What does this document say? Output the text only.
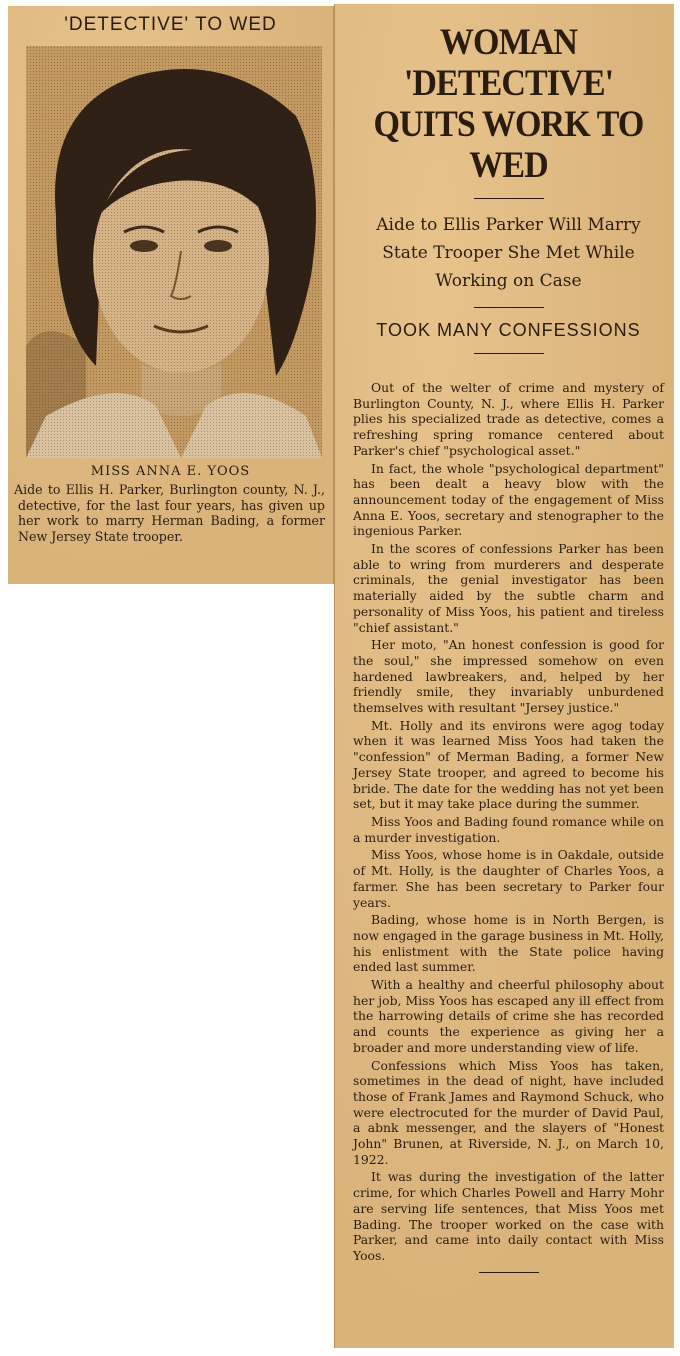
'DETECTIVE' TO WED
MISS ANNA E. YOOS
Aide to Ellis H. Parker, Burlington county, N. J., detective, for the last four years, has given up her work to marry Herman Bading, a former New Jersey State trooper.
WOMAN 'DETECTIVE' QUITS WORK TO WED
Aide to Ellis Parker Will Marry State Trooper She Met While Working on Case
TOOK MANY CONFESSIONS

Out of the welter of crime and mystery of Burlington County, N. J., where Ellis H. Parker plies his specialized trade as detective, comes a refreshing spring romance centered about Parker's chief "psychological asset."

In fact, the whole "psychological department" has been dealt a heavy blow with the announcement today of the engagement of Miss Anna E. Yoos, secretary and stenographer to the ingenious Parker.

In the scores of confessions Parker has been able to wring from murderers and desperate criminals, the genial investigator has been materially aided by the subtle charm and personality of Miss Yoos, his patient and tireless "chief assistant."

Her moto, "An honest confession is good for the soul," she impressed somehow on even hardened lawbreakers, and, helped by her friendly smile, they invariably unburdened themselves with resultant "Jersey justice."

Mt. Holly and its environs were agog today when it was learned Miss Yoos had taken the "confession" of Merman Bading, a former New Jersey State trooper, and agreed to become his bride. The date for the wedding has not yet been set, but it may take place during the summer.

Miss Yoos and Bading found romance while on a murder investigation.

Miss Yoos, whose home is in Oakdale, outside of Mt. Holly, is the daughter of Charles Yoos, a farmer. She has been secretary to Parker four years.

Bading, whose home is in North Bergen, is now engaged in the garage business in Mt. Holly, his enlistment with the State police having ended last summer.

With a healthy and cheerful philosophy about her job, Miss Yoos has escaped any ill effect from the harrowing details of crime she has recorded and counts the experience as giving her a broader and more understanding view of life.

Confessions which Miss Yoos has taken, sometimes in the dead of night, have included those of Frank James and Raymond Schuck, who were electrocuted for the murder of David Paul, a abnk messenger, and the slayers of "Honest John" Brunen, at Riverside, N. J., on March 10, 1922.

It was during the investigation of the latter crime, for which Charles Powell and Harry Mohr are serving life sentences, that Miss Yoos met Bading. The trooper worked on the case with Parker, and came into daily contact with Miss Yoos.
